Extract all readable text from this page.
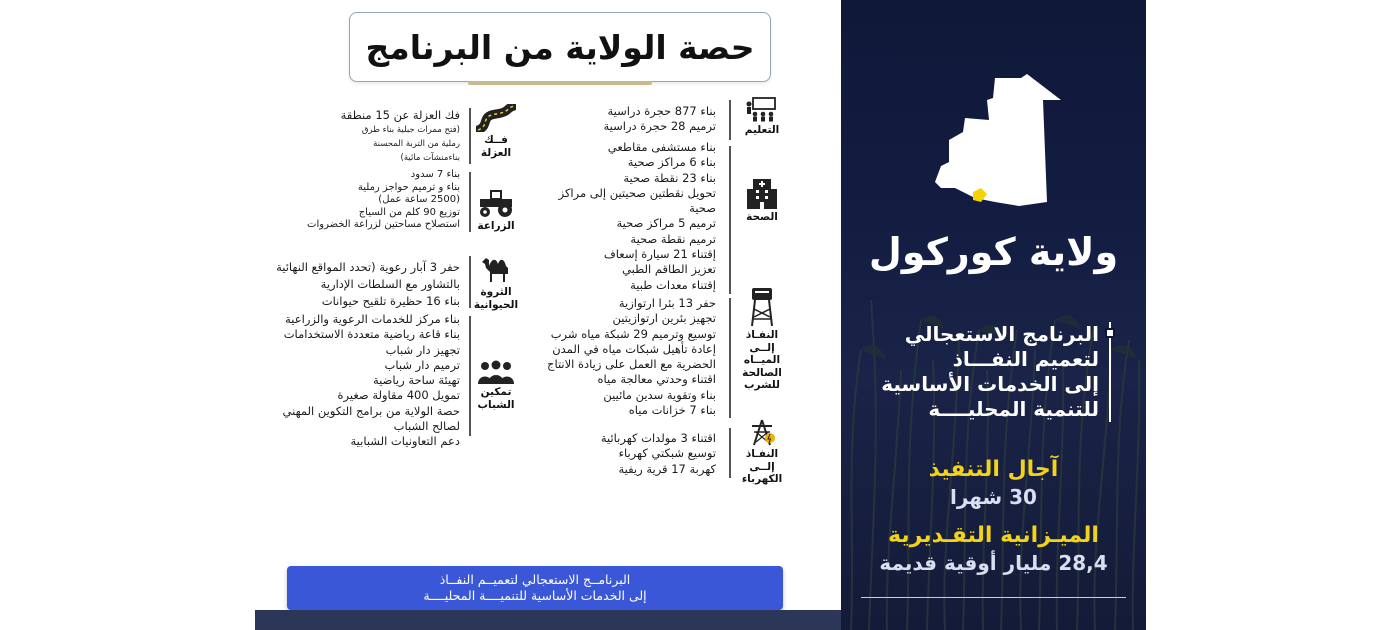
حصة الولاية من البرنامج
التعليم
بناء 877 حجرة دراسية
ترميم 28 حجرة دراسية
الصحة
بناء مستشفى مقاطعي
بناء 6 مراكز صحية
بناء 23 نقطة صحية
تحويل نقطتين صحيتين إلى مراكز
صحية
ترميم 5 مراكز صحية
ترميم نقطة صحية
إقتناء 21 سيارة إسعاف
تعزيز الطاقم الطبي
إقتناء معدات طبية
النفـاذ
إلــى
الميــاه
الصالحة
للشرب
حفر 13 بئرا ارتوازية
تجهيز بئرين ارتوازيتين
توسيع وترميم 29 شبكة مياه شرب
إعادة تأهيل شبكات مياه في المدن
الحضرية مع العمل على زيادة الانتاج
اقتناء وحدتي معالجة مياه
بناء وتقوية سدين مائيين
بناء 7 خزانات مياه
النفـاذ
إلــى
الكهرباء
اقتناء 3 مولدات كهربائية
توسيع شبكتي كهرباء
كهربة 17 قرية ريفية
فــك
العزلة
فك العزلة عن 15 منطقة
(فتح ممرات جبلية بناء طرق
رملية من التربة المحسنة
بناءمنشآت مائية)
الزراعة
بناء 7 سدود
بناء و ترميم حواجز رملية
(2500 ساعة عمل)
توزيع 90 كلم من السياج
استصلاح مساحتين لزراعة الخضروات
الثروة
الحيوانية
حفر 3 آبار رعوية (تحدد المواقع النهائية
بالتشاور مع السلطات الإدارية
بناء 16 حظيرة تلقيح حيوانات
تمكين
الشباب
بناء مركز للخدمات الرعوية والزراعية
بناء قاعة رياضية متعددة الاستخدامات
تجهيز دار شباب
ترميم دار شباب
تهيئة ساحة رياضية
تمويل 400 مقاولة صغيرة
حصة الولاية من برامج التكوين المهني
لصالح الشباب
دعم التعاونيات الشبابية
البرنامــج الاستعجالي لتعميــم النفــاذ
إلى الخدمات الأساسية للتنميــــة المحليــــة
ولاية كوركول
البرنامج الاستعجالي
لتعميم النفـــاذ
إلى الخدمات الأساسية
للتنمية المحليــــة
آجال التنفيذ
30 شهرا
الميـزانية التقـديرية
28,4 مليار أوقية قديمة
